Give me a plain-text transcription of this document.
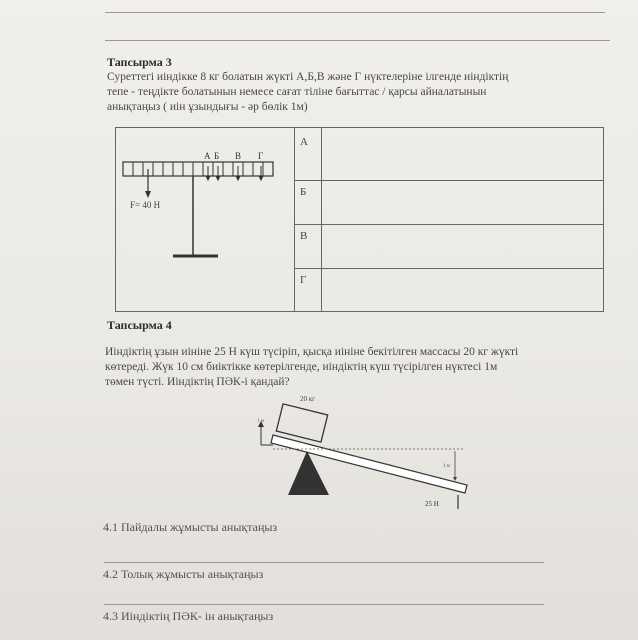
Тапсырма 3
Суреттегі иіндікке 8 кг болатын жүкті А,Б,В және Г нүктелеріне ілгенде иіндіктің
тепе - теңдікте болатынын немесе сағат тіліне бағыттас / қарсы айналатынын
анықтаңыз ( иін ұзындығы - әр бөлік 1м)
А
Б
В
Г
F= 40 Н
А Б В Г
Тапсырма 4
Иіндіктің ұзын иініне 25 Н күш түсіріп, қысқа иініне бекітілген массасы 20 кг жүкті
көтереді. Жүк 10 см биіктікке көтерілгенде, иіндіктің күш түсірілген нүктесі 1м
төмен түсті. Иіндіктің ПӘК-і қандай?
20 кг
1 м
1 м
25 Н
4.1 Пайдалы жұмысты анықтаңыз
4.2 Толық жұмысты анықтаңыз
4.3 Иіндіктің ПӘК- ін анықтаңыз
